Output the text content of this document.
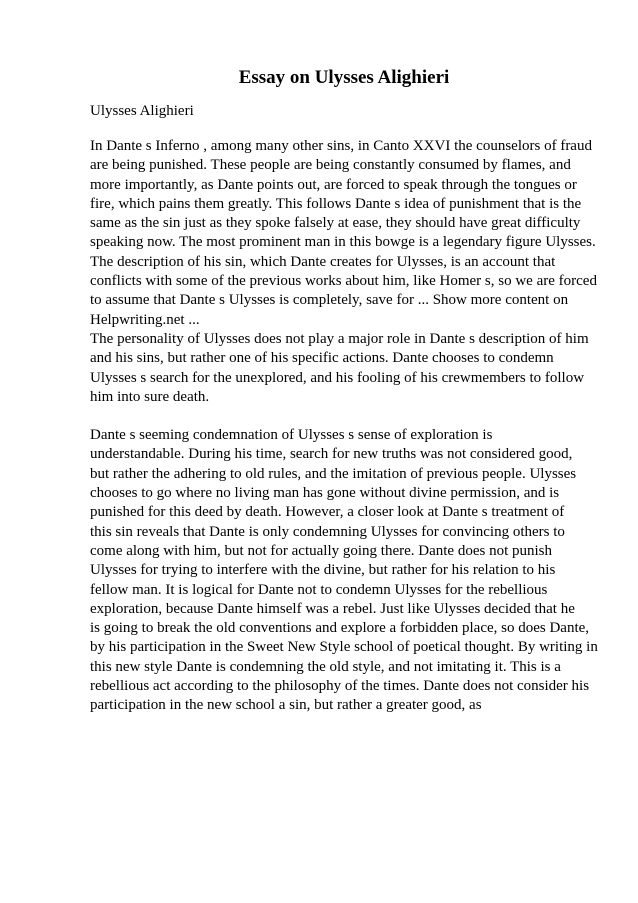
Essay on Ulysses Alighieri

Ulysses Alighieri

In Dante s Inferno , among many other sins, in Canto XXVI the counselors of fraud
are being punished. These people are being constantly consumed by flames, and
more importantly, as Dante points out, are forced to speak through the tongues or
fire, which pains them greatly. This follows Dante s idea of punishment that is the
same as the sin just as they spoke falsely at ease, they should have great difficulty
speaking now. The most prominent man in this bowge is a legendary figure Ulysses.
The description of his sin, which Dante creates for Ulysses, is an account that
conflicts with some of the previous works about him, like Homer s, so we are forced
to assume that Dante s Ulysses is completely, save for ... Show more content on
Helpwriting.net ...
The personality of Ulysses does not play a major role in Dante s description of him
and his sins, but rather one of his specific actions. Dante chooses to condemn
Ulysses s search for the unexplored, and his fooling of his crewmembers to follow
him into sure death.
Dante s seeming condemnation of Ulysses s sense of exploration is
understandable. During his time, search for new truths was not considered good,
but rather the adhering to old rules, and the imitation of previous people. Ulysses
chooses to go where no living man has gone without divine permission, and is
punished for this deed by death. However, a closer look at Dante s treatment of
this sin reveals that Dante is only condemning Ulysses for convincing others to
come along with him, but not for actually going there. Dante does not punish
Ulysses for trying to interfere with the divine, but rather for his relation to his
fellow man. It is logical for Dante not to condemn Ulysses for the rebellious
exploration, because Dante himself was a rebel. Just like Ulysses decided that he
is going to break the old conventions and explore a forbidden place, so does Dante,
by his participation in the Sweet New Style school of poetical thought. By writing in
this new style Dante is condemning the old style, and not imitating it. This is a
rebellious act according to the philosophy of the times. Dante does not consider his
participation in the new school a sin, but rather a greater good, as
